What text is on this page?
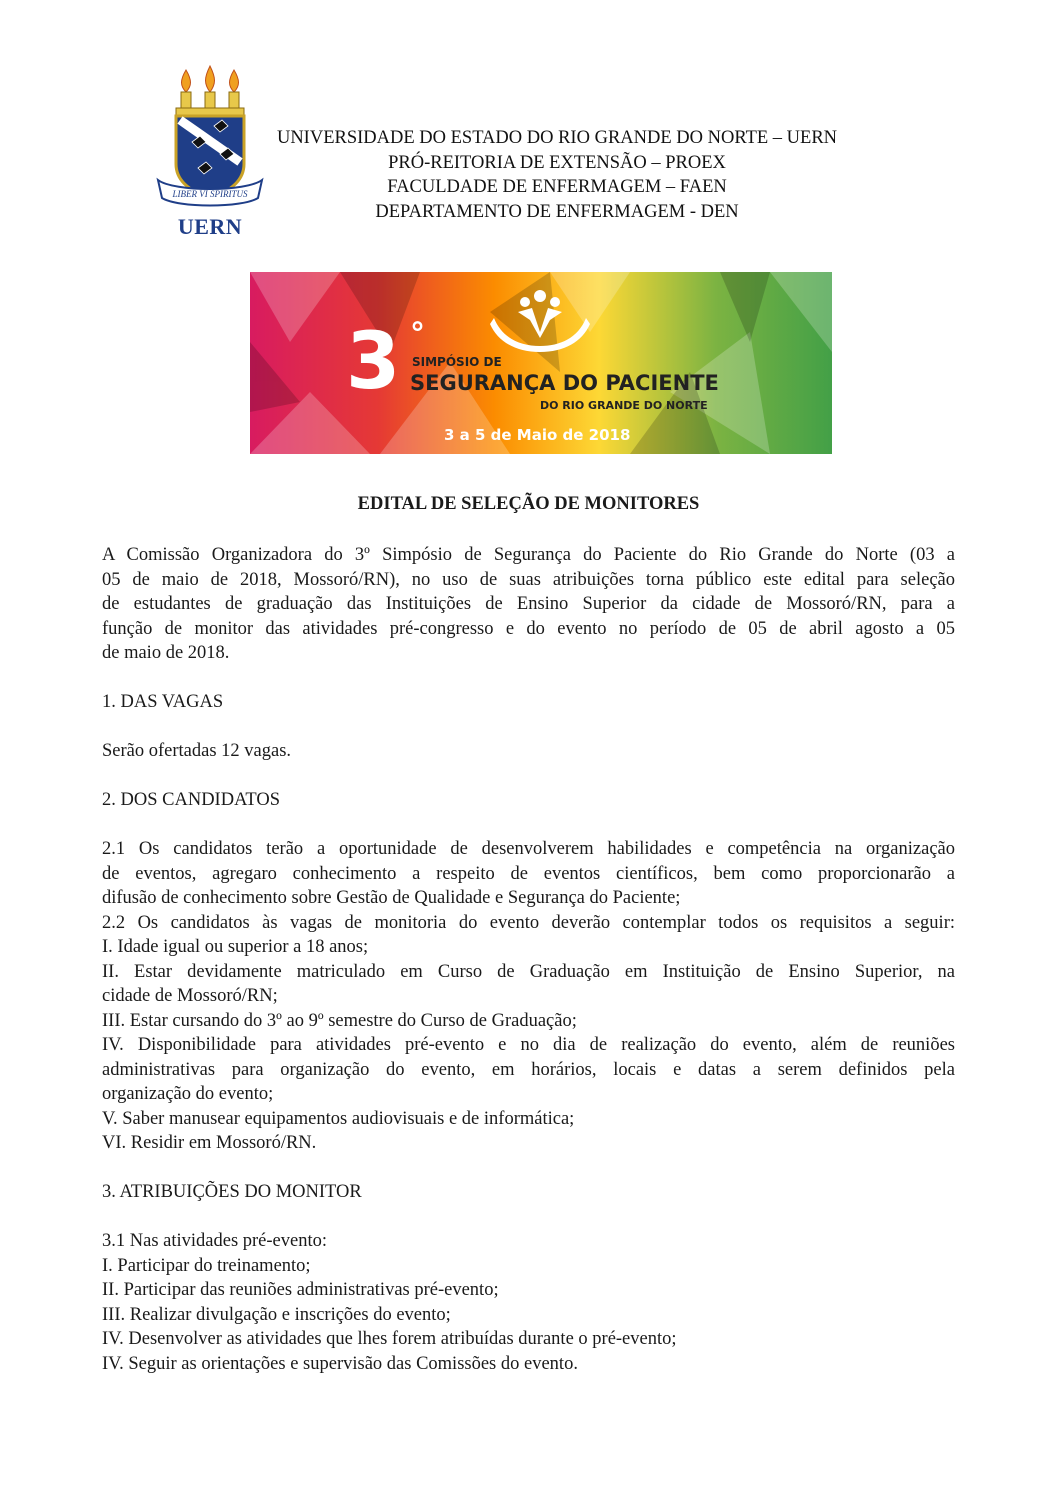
LIBER VI SPIRITUS
UERN
UNIVERSIDADE DO ESTADO DO RIO GRANDE DO NORTE – UERN
PRÓ-REITORIA DE EXTENSÃO – PROEX
FACULDADE DE ENFERMAGEM – FAEN
DEPARTAMENTO DE ENFERMAGEM - DEN
3 °
SIMPÓSIO DE
SEGURANÇA DO PACIENTE
DO RIO GRANDE DO NORTE
3 a 5 de Maio de 2018
EDITAL DE SELEÇÃO DE MONITORES
A Comissão Organizadora do 3º Simpósio de Segurança do Paciente do Rio Grande do Norte (03 a
05 de maio de 2018, Mossoró/RN), no uso de suas atribuições torna público este edital para seleção
de estudantes de graduação das Instituições de Ensino Superior da cidade de Mossoró/RN, para a
função de monitor das atividades pré-congresso e do evento no período de 05 de abril agosto a 05
de maio de 2018.
1. DAS VAGAS
Serão ofertadas 12 vagas.
2. DOS CANDIDATOS
2.1 Os candidatos terão a oportunidade de desenvolverem habilidades e competência na organização
de eventos, agregaro conhecimento a respeito de eventos científicos, bem como proporcionarão a
difusão de conhecimento sobre Gestão de Qualidade e Segurança do Paciente;
2.2 Os candidatos às vagas de monitoria do evento deverão contemplar todos os requisitos a seguir:
I. Idade igual ou superior a 18 anos;
II. Estar devidamente matriculado em Curso de Graduação em Instituição de Ensino Superior, na
cidade de Mossoró/RN;
III. Estar cursando do 3º ao 9º semestre do Curso de Graduação;
IV. Disponibilidade para atividades pré-evento e no dia de realização do evento, além de reuniões
administrativas para organização do evento, em horários, locais e datas a serem definidos pela
organização do evento;
V. Saber manusear equipamentos audiovisuais e de informática;
VI. Residir em Mossoró/RN.
3. ATRIBUIÇÕES DO MONITOR
3.1 Nas atividades pré-evento:
I. Participar do treinamento;
II. Participar das reuniões administrativas pré-evento;
III. Realizar divulgação e inscrições do evento;
IV. Desenvolver as atividades que lhes forem atribuídas durante o pré-evento;
IV. Seguir as orientações e supervisão das Comissões do evento.
